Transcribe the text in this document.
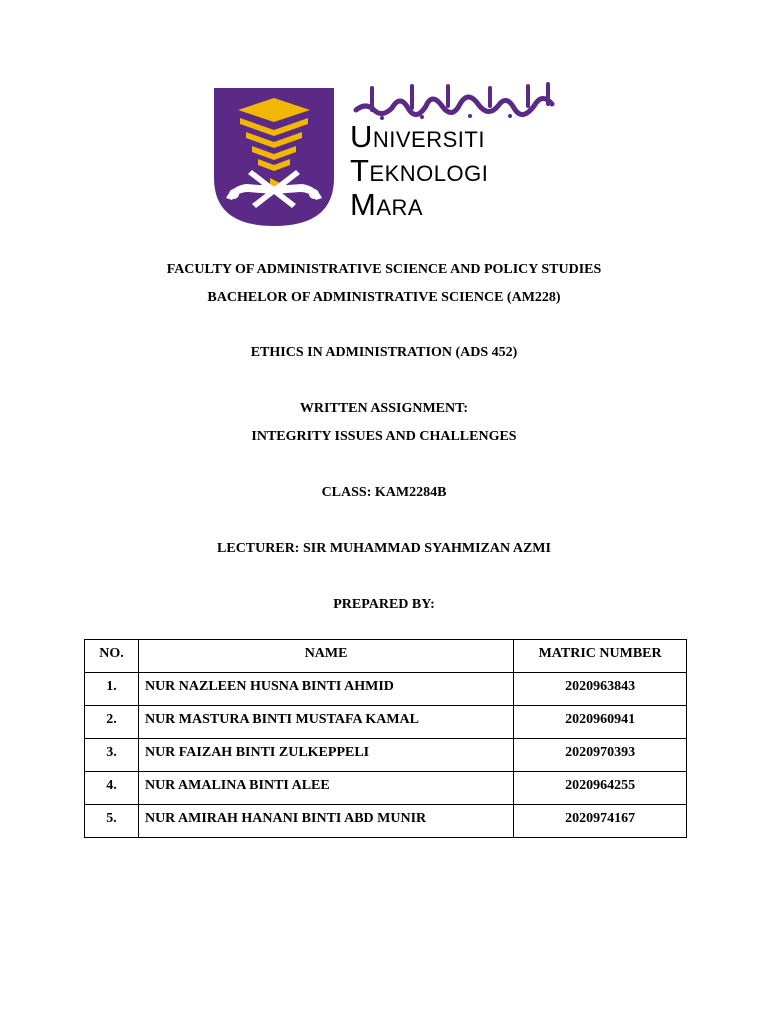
Universiti
Teknologi
Mara
FACULTY OF ADMINISTRATIVE SCIENCE AND POLICY STUDIES
BACHELOR OF ADMINISTRATIVE SCIENCE (AM228)
ETHICS IN ADMINISTRATION (ADS 452)
WRITTEN ASSIGNMENT:
INTEGRITY ISSUES AND CHALLENGES
CLASS: KAM2284B
LECTURER: SIR MUHAMMAD SYAHMIZAN AZMI
PREPARED BY:
NO.	NAME	MATRIC NUMBER
1.	NUR NAZLEEN HUSNA BINTI AHMID	2020963843
2.	NUR MASTURA BINTI MUSTAFA KAMAL	2020960941
3.	NUR FAIZAH BINTI ZULKEPPELI	2020970393
4.	NUR AMALINA BINTI ALEE	2020964255
5.	NUR AMIRAH HANANI BINTI ABD MUNIR	2020974167
